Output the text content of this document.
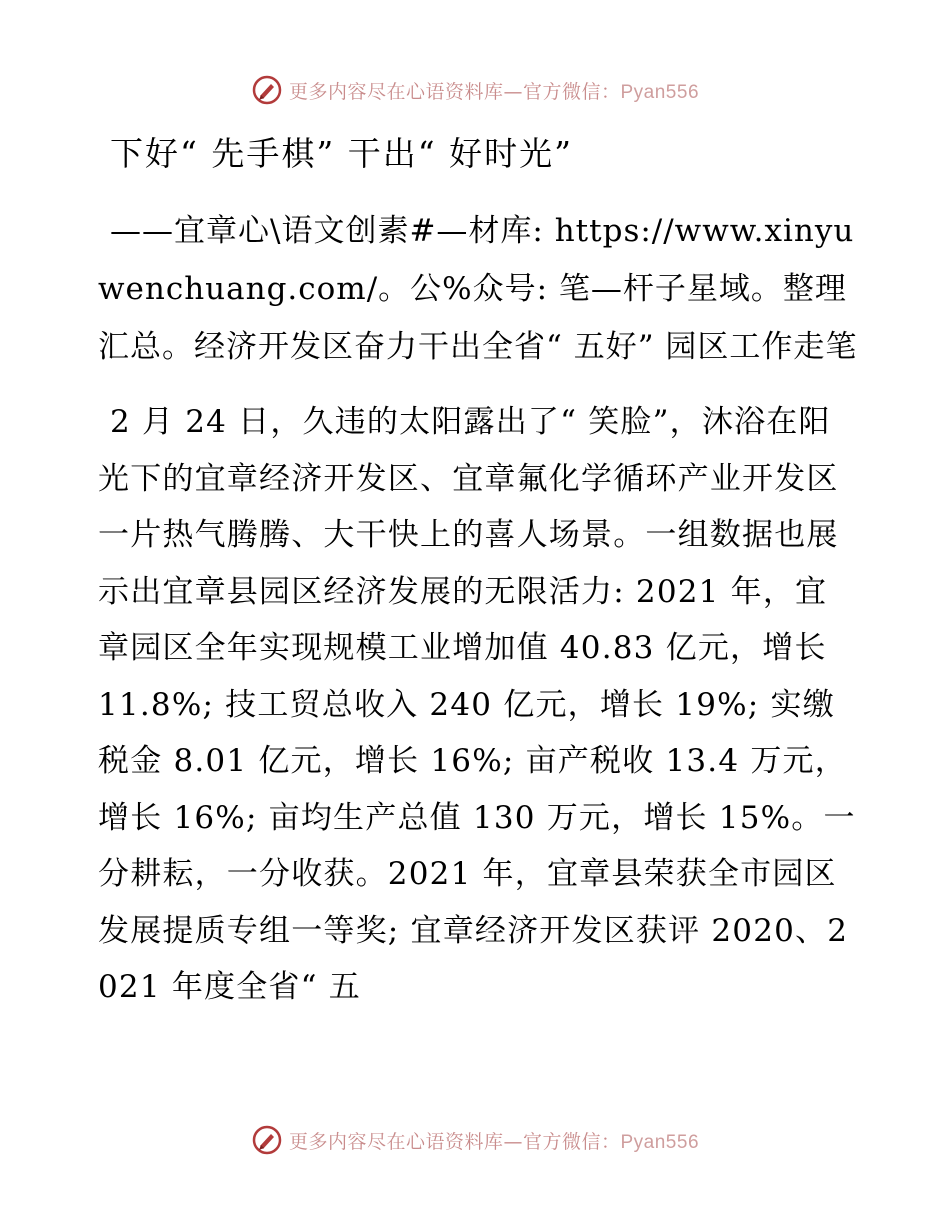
更多内容尽在心语资料库—官方微信：Pyan556
下好“ 先手棋” 干出“ 好时光”
——宜章心\语文创素#—材库: https://www.xinyuwenchuang.com/。公%众号: 笔—杆子星域。整理汇总。经济开发区奋力干出全省“ 五好” 园区工作走笔
2 月 24 日，久违的太阳露出了“ 笑脸”，沐浴在阳光下的宜章经济开发区、宜章氟化学循环产业开发区一片热气腾腾、大干快上的喜人场景。一组数据也展示出宜章县园区经济发展的无限活力: 2021 年，宜章园区全年实现规模工业增加值 40.83 亿元，增长 11.8%; 技工贸总收入 240 亿元，增长 19%; 实缴税金 8.01 亿元，增长 16%; 亩产税收 13.4 万元，增长 16%; 亩均生产总值 130 万元，增长 15%。一分耕耘，一分收获。2021 年，宜章县荣获全市园区发展提质专组一等奖; 宜章经济开发区获评 2020、2021 年度全省“ 五
更多内容尽在心语资料库—官方微信：Pyan556
